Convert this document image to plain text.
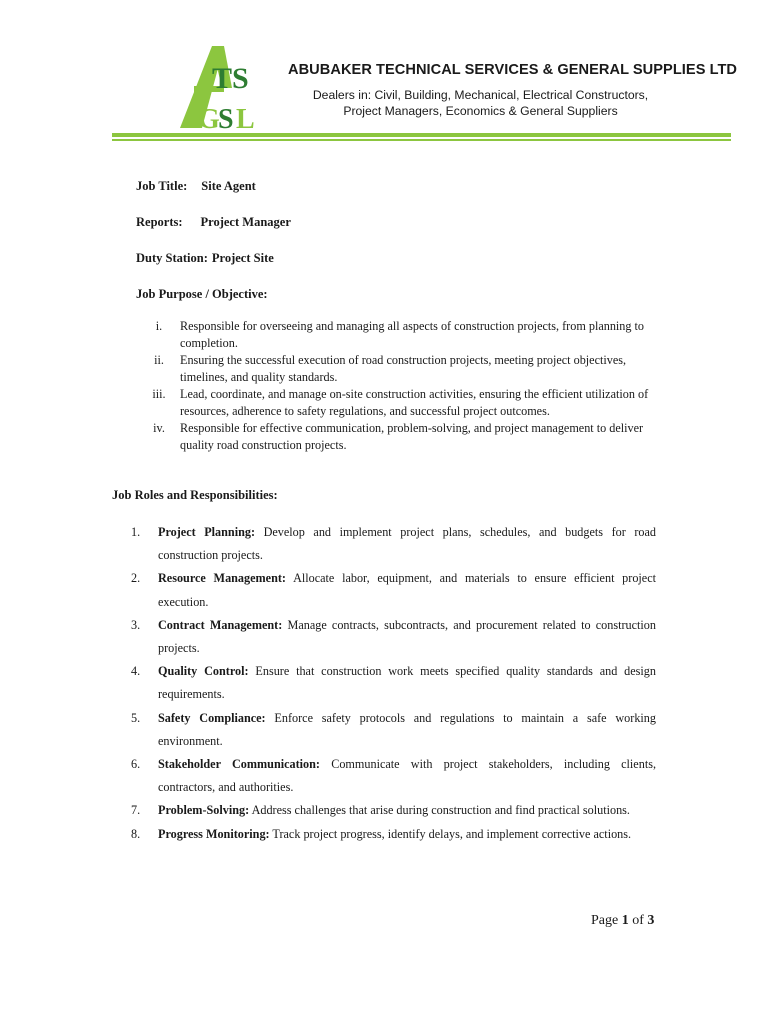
TS
G
S L
ABUBAKER TECHNICAL SERVICES & GENERAL SUPPLIES LTD
Dealers in: Civil, Building, Mechanical, Electrical Constructors,
Project Managers, Economics & General Suppliers
Job Title: Site Agent
Reports: Project Manager
Duty Station: Project Site
Job Purpose / Objective:
i.	Responsible for overseeing and managing all aspects of construction projects, from planning to completion.
ii.	Ensuring the successful execution of road construction projects, meeting project objectives, timelines, and quality standards.
iii.	Lead, coordinate, and manage on-site construction activities, ensuring the efficient utilization of resources, adherence to safety regulations, and successful project outcomes.
iv.	Responsible for effective communication, problem-solving, and project management to deliver quality road construction projects.
Job Roles and Responsibilities:
1.	Project Planning: Develop and implement project plans, schedules, and budgets for road construction projects.
2.	Resource Management: Allocate labor, equipment, and materials to ensure efficient project execution.
3.	Contract Management: Manage contracts, subcontracts, and procurement related to construction projects.
4.	Quality Control: Ensure that construction work meets specified quality standards and design requirements.
5.	Safety Compliance: Enforce safety protocols and regulations to maintain a safe working environment.
6.	Stakeholder Communication: Communicate with project stakeholders, including clients, contractors, and authorities.
7.	Problem-Solving: Address challenges that arise during construction and find practical solutions.
8.	Progress Monitoring: Track project progress, identify delays, and implement corrective actions.
Page 1 of 3
